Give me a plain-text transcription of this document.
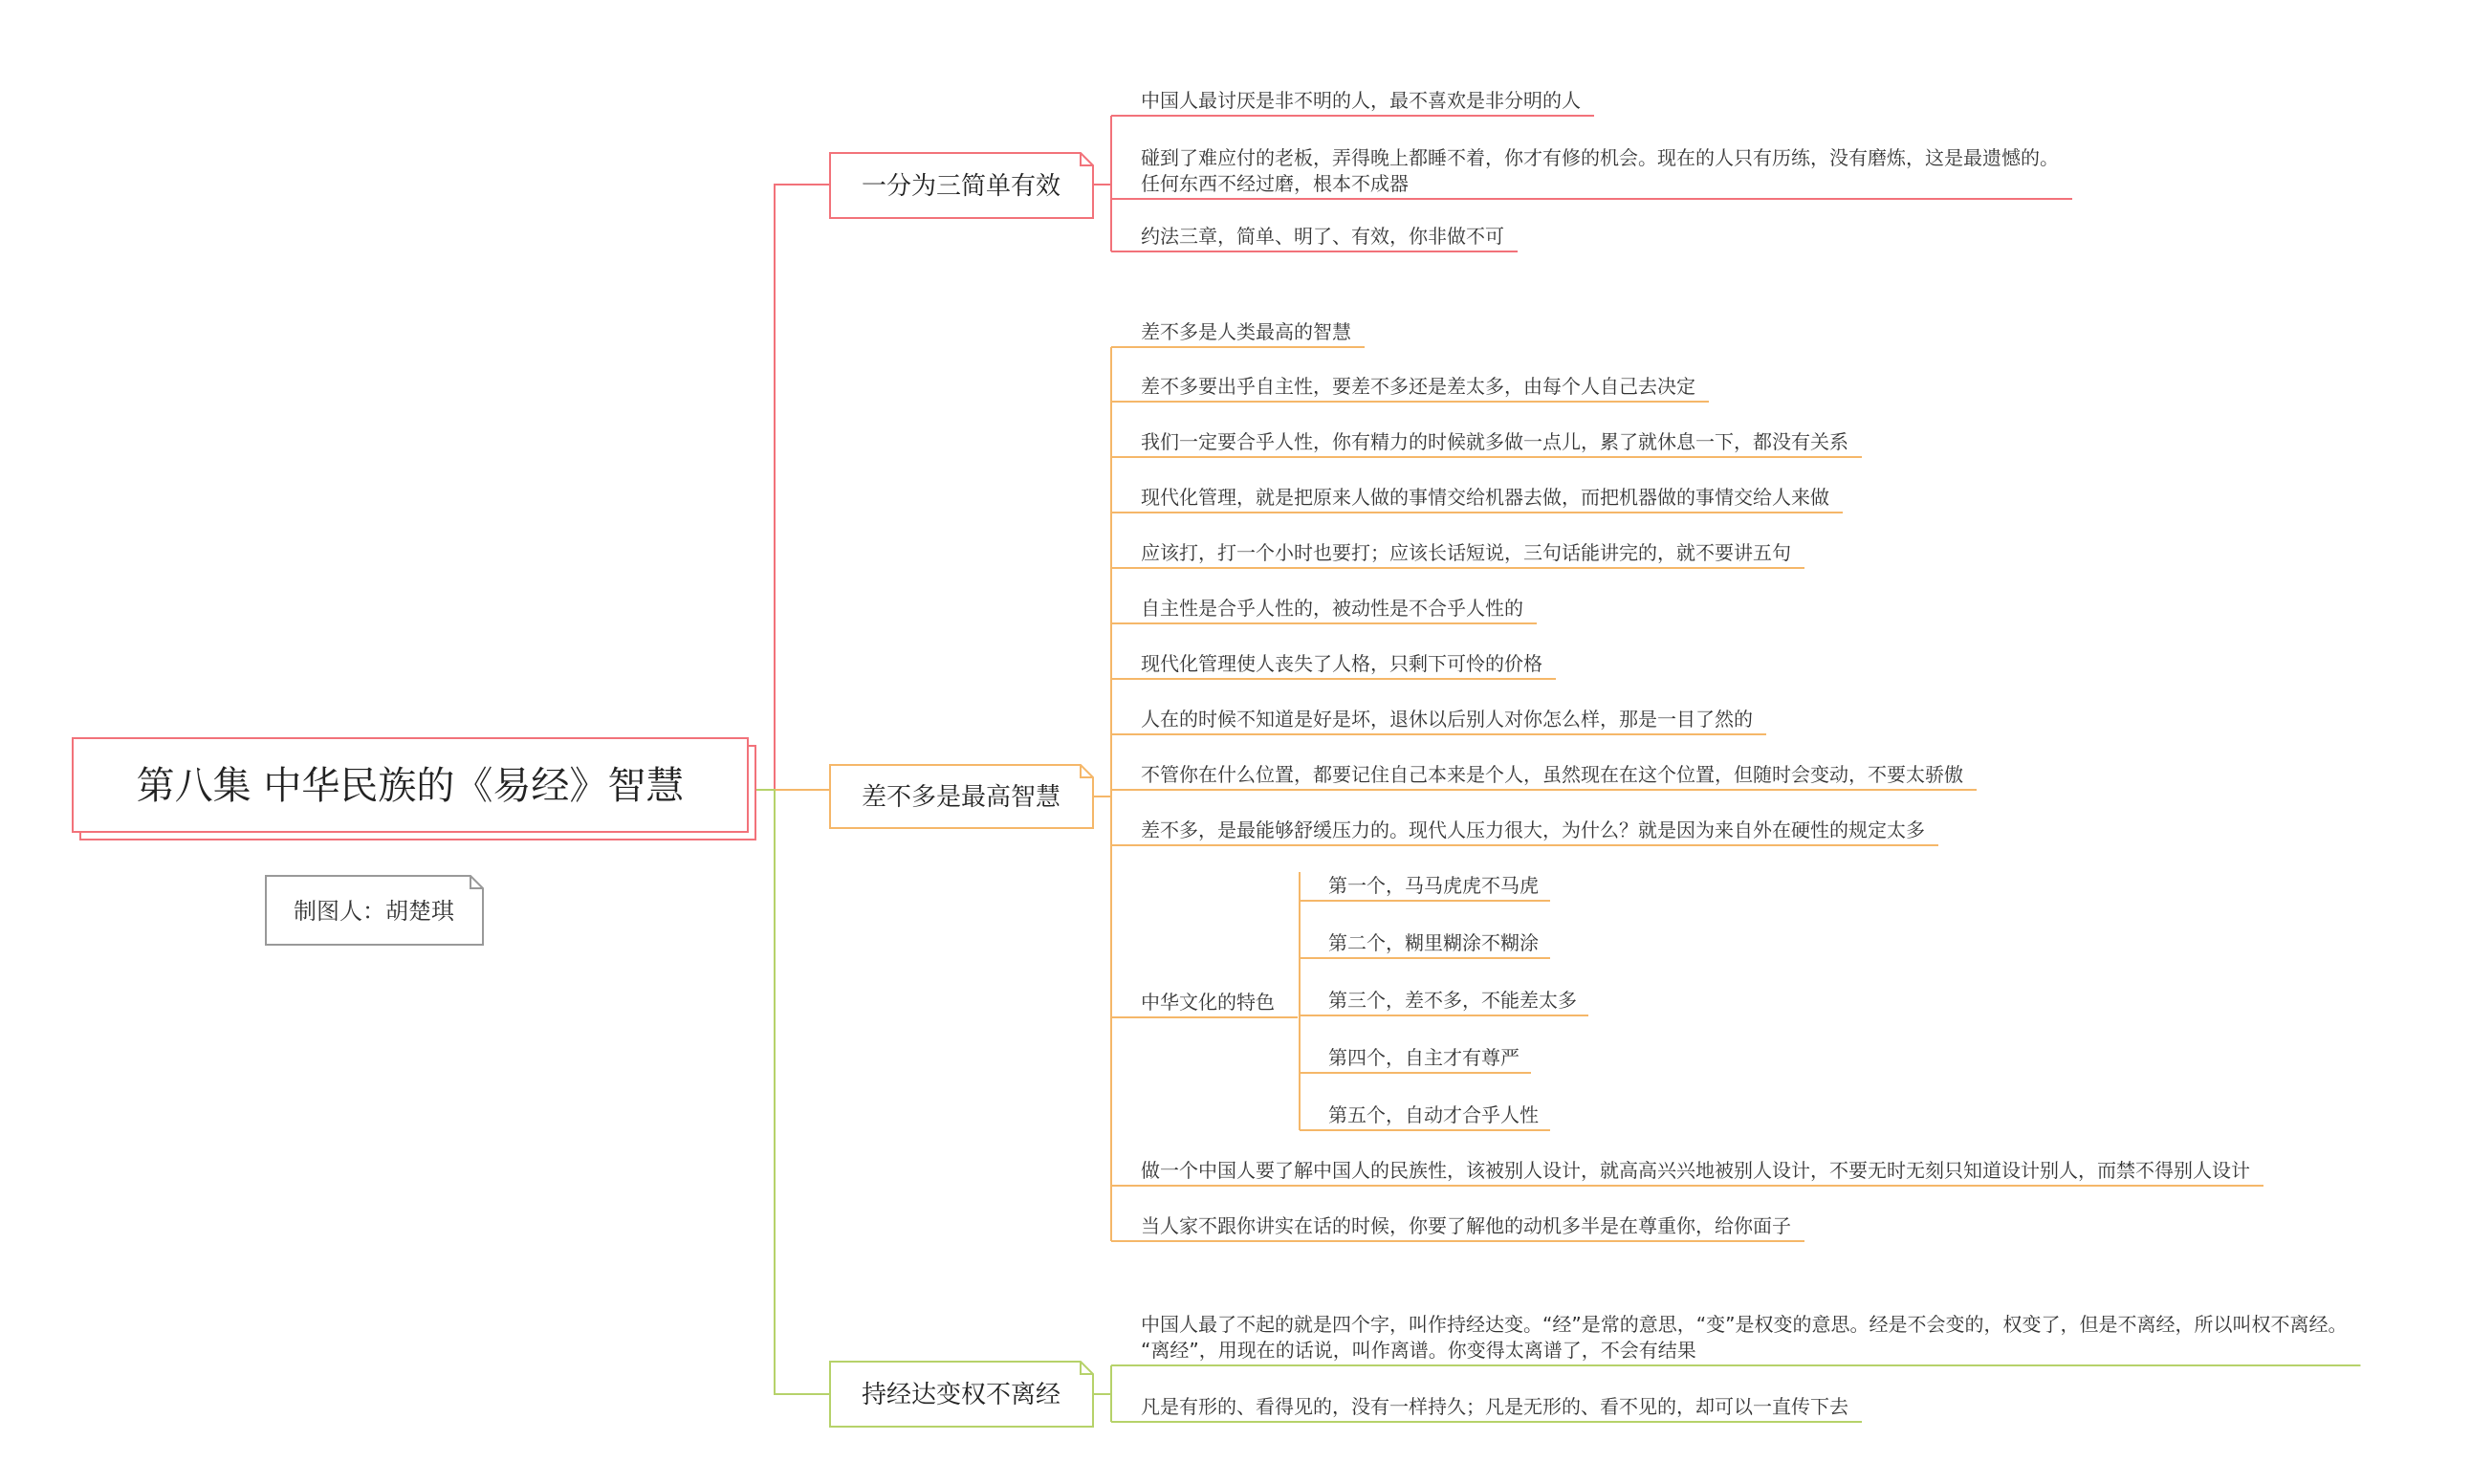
第八集 中华民族的《易经》智慧
制图人：胡楚琪
一分为三简单有效
差不多是最高智慧
持经达变权不离经
中国人最讨厌是非不明的人，最不喜欢是非分明的人
碰到了难应付的老板，弄得晚上都睡不着，你才有修的机会。现在的人只有历练，没有磨炼，这是最遗憾的。
任何东西不经过磨，根本不成器
约法三章，简单、明了、有效，你非做不可
差不多是人类最高的智慧
差不多要出乎自主性，要差不多还是差太多，由每个人自己去决定
我们一定要合乎人性，你有精力的时候就多做一点儿，累了就休息一下，都没有关系
现代化管理，就是把原来人做的事情交给机器去做，而把机器做的事情交给人来做
应该打，打一个小时也要打；应该长话短说，三句话能讲完的，就不要讲五句
自主性是合乎人性的，被动性是不合乎人性的
现代化管理使人丧失了人格，只剩下可怜的价格
人在的时候不知道是好是坏，退休以后别人对你怎么样，那是一目了然的
不管你在什么位置，都要记住自己本来是个人，虽然现在在这个位置，但随时会变动，不要太骄傲
差不多，是最能够舒缓压力的。现代人压力很大，为什么？就是因为来自外在硬性的规定太多
中华文化的特色
第一个，马马虎虎不马虎
第二个，糊里糊涂不糊涂
第三个，差不多，不能差太多
第四个，自主才有尊严
第五个，自动才合乎人性
做一个中国人要了解中国人的民族性，该被别人设计，就高高兴兴地被别人设计，不要无时无刻只知道设计别人，而禁不得别人设计
当人家不跟你讲实在话的时候，你要了解他的动机多半是在尊重你，给你面子
中国人最了不起的就是四个字，叫作持经达变。“经”是常的意思，“变”是权变的意思。经是不会变的，权变了，但是不离经，所以叫权不离经。
“离经”，用现在的话说，叫作离谱。你变得太离谱了，不会有结果
凡是有形的、看得见的，没有一样持久；凡是无形的、看不见的，却可以一直传下去
